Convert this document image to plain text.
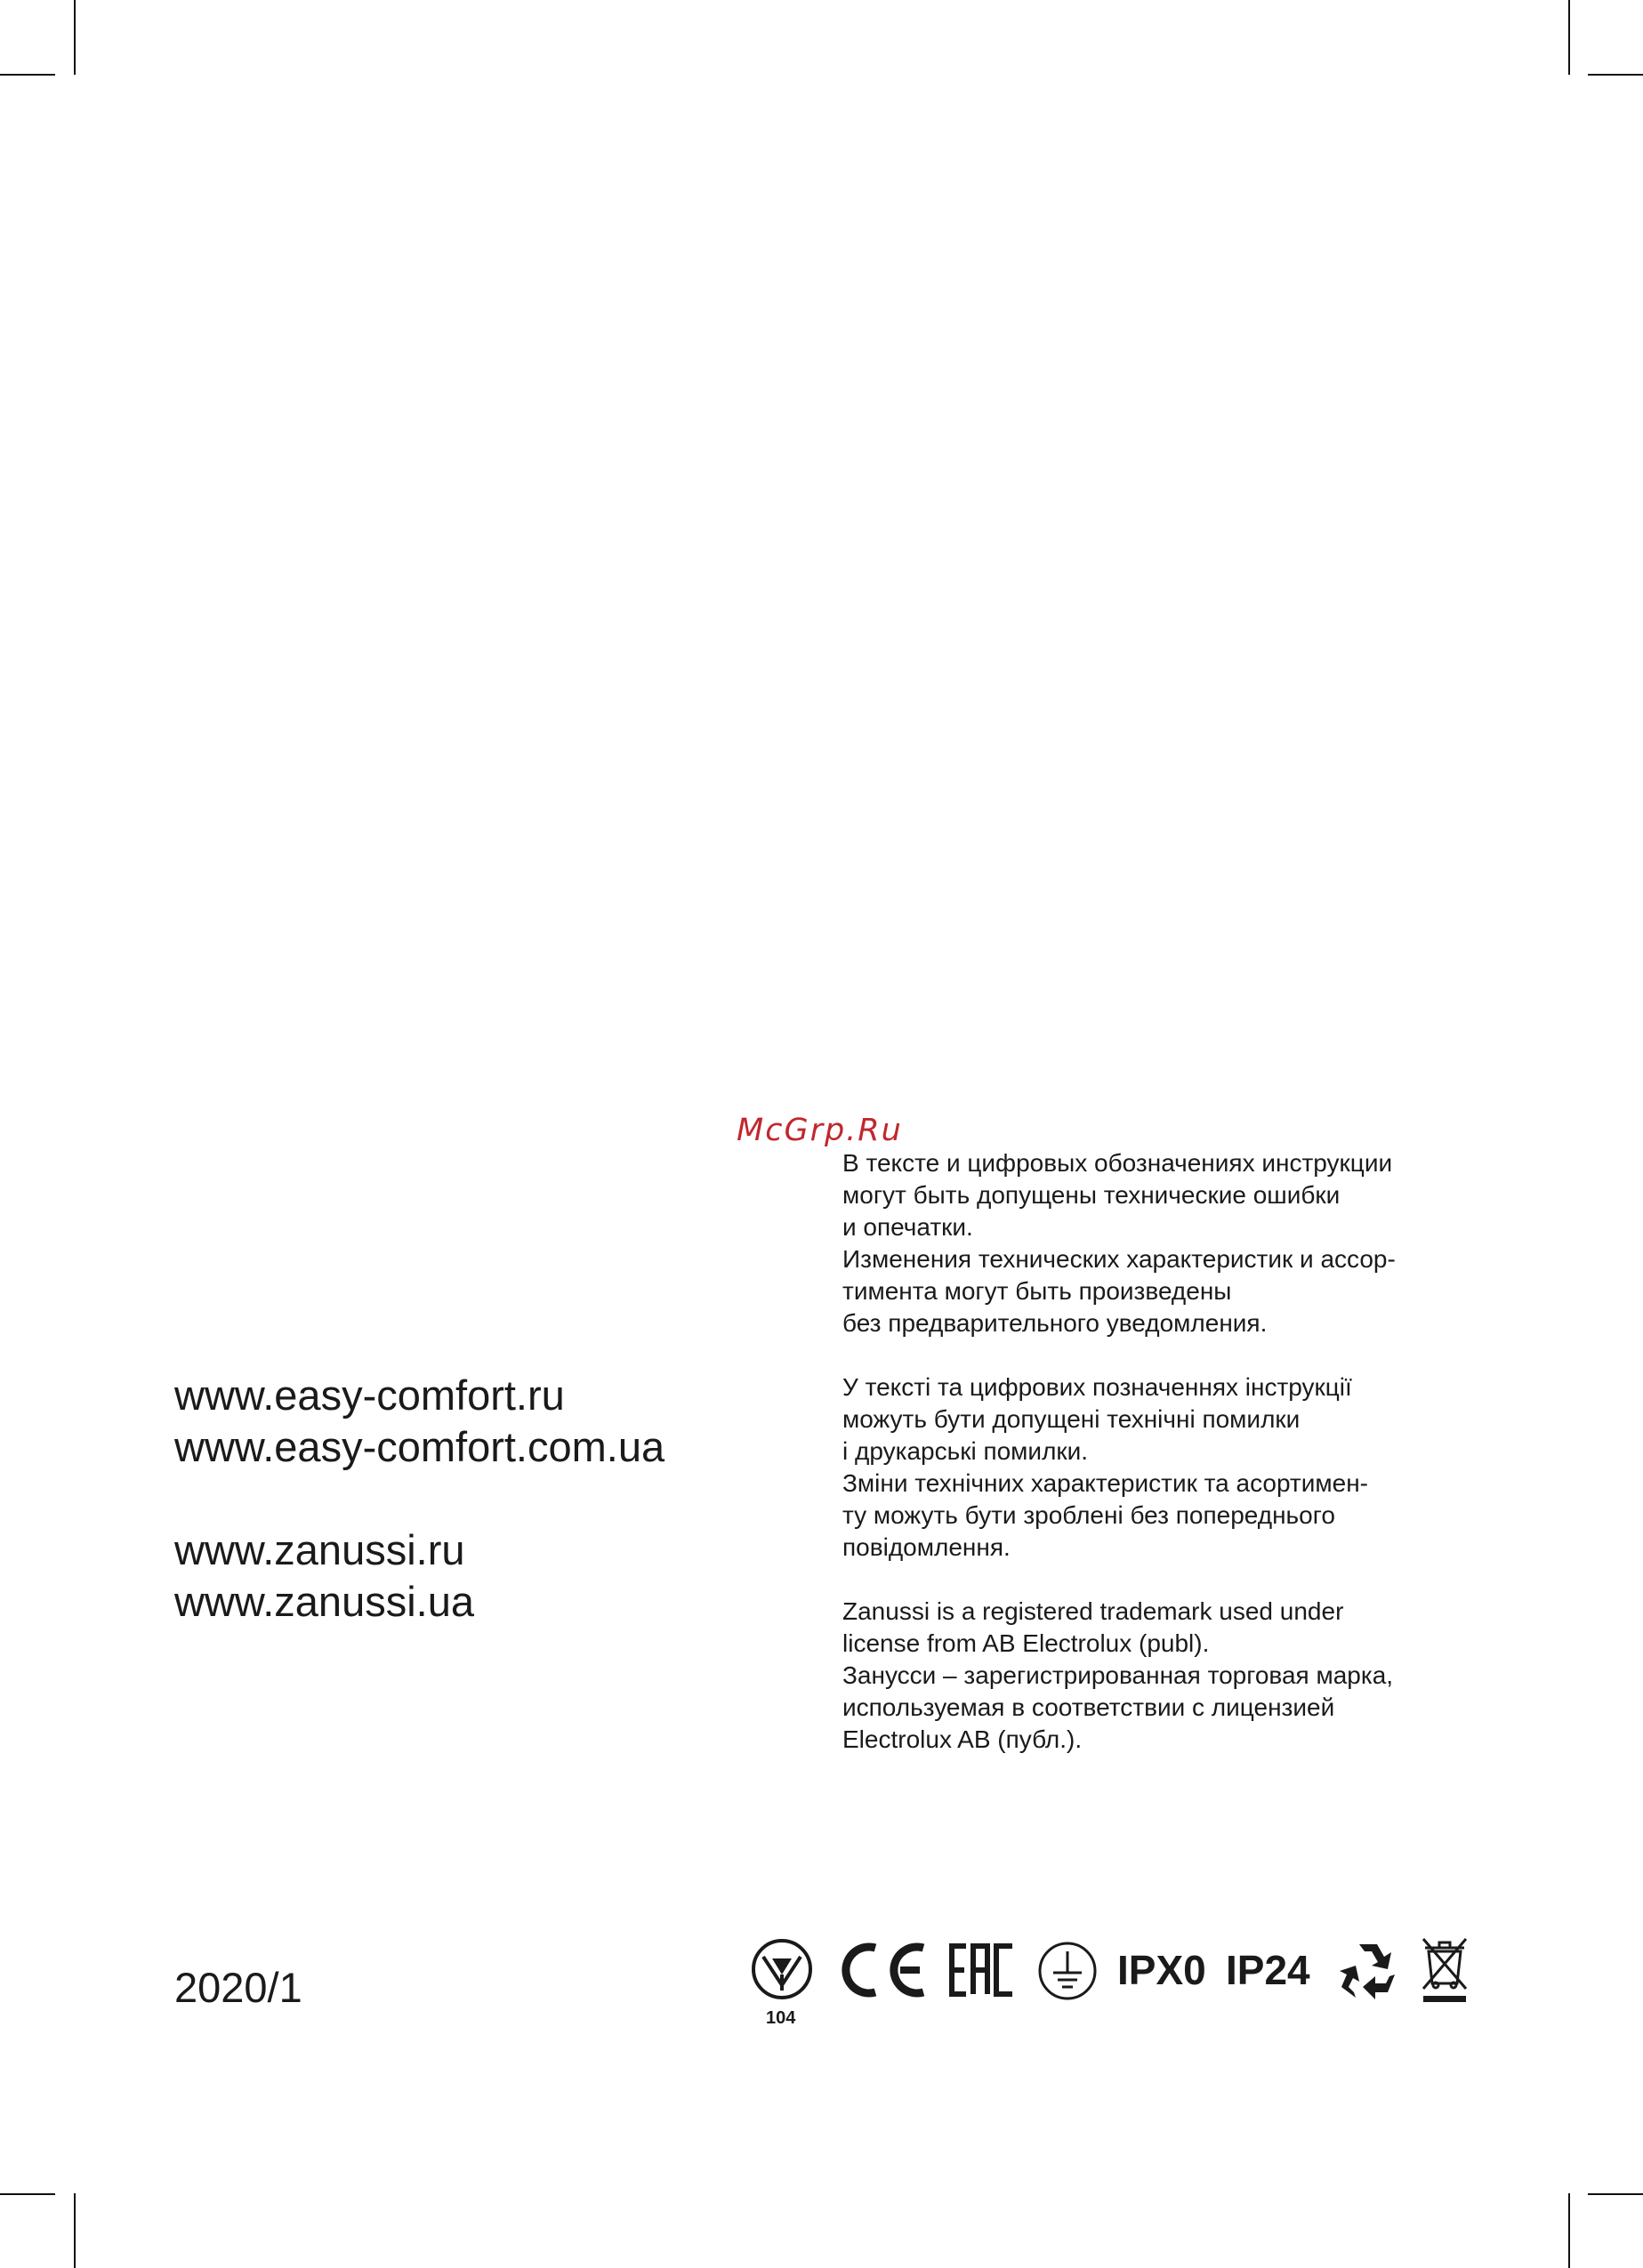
McGrp.Ru
www.easy-comfort.ru
www.easy-comfort.com.ua
www.zanussi.ru
www.zanussi.ua
В тексте и цифровых обозначениях инструкции
могут быть допущены технические ошибки
и опечатки.
Изменения технических характеристик и ассор-
тимента могут быть произведены
без предварительного уведомления.
У тексті та цифрових позначеннях інструкції
можуть бути допущені технічні помилки
і друкарські помилки.
Зміни технічних характеристик та асортимен-
ту можуть бути зроблені без попереднього
повідомлення.
Zanussi is a registered trademark used under
license from AB Electrolux (publ).
Занусси – зарегистрированная торговая марка,
используемая в соответствии с лицензией
Electrolux AB (публ.).
2020/1
104
IPX0 IP24
